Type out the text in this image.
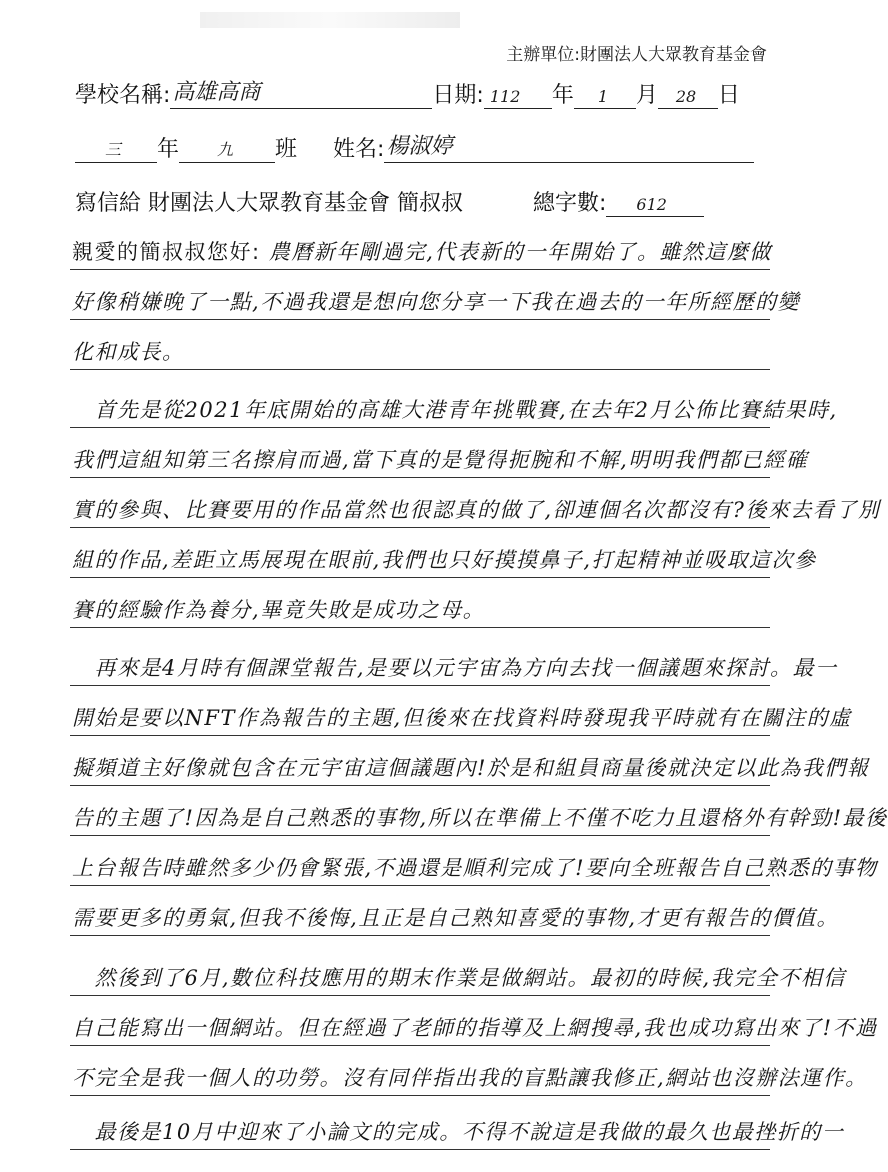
主辦單位:財團法人大眾教育基金會
學校名稱: 高雄高商	日期: 112 年 1 月 28 日
三 年 九 班 姓名: 楊淑婷
寫信給 財團法人大眾教育基金會 簡叔叔	總字數: 612
親愛的簡叔叔您好: 農曆新年剛過完,代表新的一年開始了。雖然這麼做
好像稍嫌晚了一點,不過我還是想向您分享一下我在過去的一年所經歷的變
化和成長。
　首先是從2021年底開始的高雄大港青年挑戰賽,在去年2月公佈比賽結果時,
我們這組知第三名擦肩而過,當下真的是覺得扼腕和不解,明明我們都已經確
實的參與、比賽要用的作品當然也很認真的做了,卻連個名次都沒有?後來去看了別
組的作品,差距立馬展現在眼前,我們也只好摸摸鼻子,打起精神並吸取這次參
賽的經驗作為養分,畢竟失敗是成功之母。
　再來是4月時有個課堂報告,是要以元宇宙為方向去找一個議題來探討。最一
開始是要以NFT作為報告的主題,但後來在找資料時發現我平時就有在關注的虛
擬頻道主好像就包含在元宇宙這個議題內!於是和組員商量後就決定以此為我們報
告的主題了!因為是自己熟悉的事物,所以在準備上不僅不吃力且還格外有幹勁!最後
上台報告時雖然多少仍會緊張,不過還是順利完成了!要向全班報告自己熟悉的事物
需要更多的勇氣,但我不後悔,且正是自己熟知喜愛的事物,才更有報告的價值。
　然後到了6月,數位科技應用的期末作業是做網站。最初的時候,我完全不相信
自己能寫出一個網站。但在經過了老師的指導及上網搜尋,我也成功寫出來了!不過
不完全是我一個人的功勞。沒有同伴指出我的盲點讓我修正,網站也沒辦法運作。
　最後是10月中迎來了小論文的完成。不得不說這是我做的最久也最挫折的一
